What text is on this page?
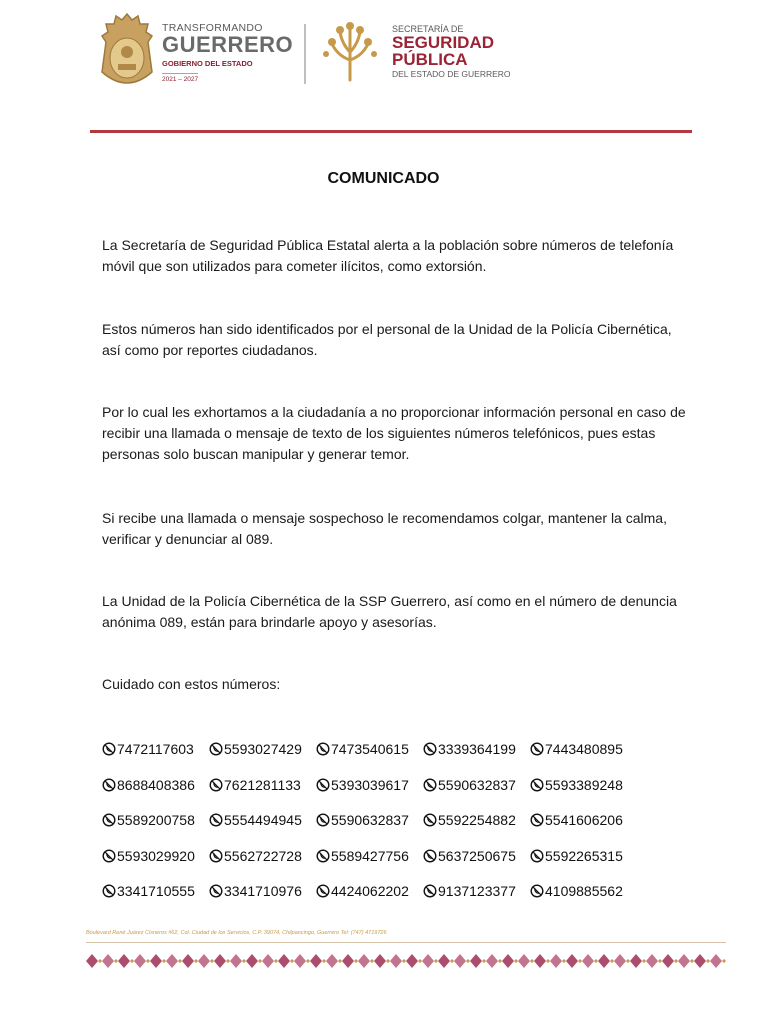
TRANSFORMANDO
GUERRERO
GOBIERNO DEL ESTADO
2021 – 2027
SECRETARÍA DE
SEGURIDAD
PÚBLICA
DEL ESTADO DE GUERRERO
COMUNICADO

La Secretaría de Seguridad Pública Estatal alerta a la población sobre números de telefonía móvil que son utilizados para cometer ilícitos, como extorsión.

Estos números han sido identificados por el personal de la Unidad de la Policía Cibernética, así como por reportes ciudadanos.

Por lo cual les exhortamos a la ciudadanía a no proporcionar información personal en caso de recibir una llamada o mensaje de texto de los siguientes números telefónicos, pues estas personas solo buscan manipular y generar temor.

Si recibe una llamada o mensaje sospechoso le recomendamos colgar, mantener la calma, verificar y denunciar al 089.

La Unidad de la Policía Cibernética de la SSP Guerrero, así como en el número de denuncia anónima 089, están para brindarle apoyo y asesorías.

Cuidado con estos números:

7472117603 5593027429 7473540615 3339364199 7443480895
8688408386 7621281133 5393039617 5590632837 5593389248
5589200758 5554494945 5590632837 5592254882 5541606206
5593029920 5562722728 5589427756 5637250675 5592265315
3341710555 3341710976 4424062202 9137123377 4109885562
Boulevard René Juárez Cisneros #62, Col. Ciudad de los Servicios, C.P. 39074, Chilpancingo, Guerrero Tel: (747) 4719726
